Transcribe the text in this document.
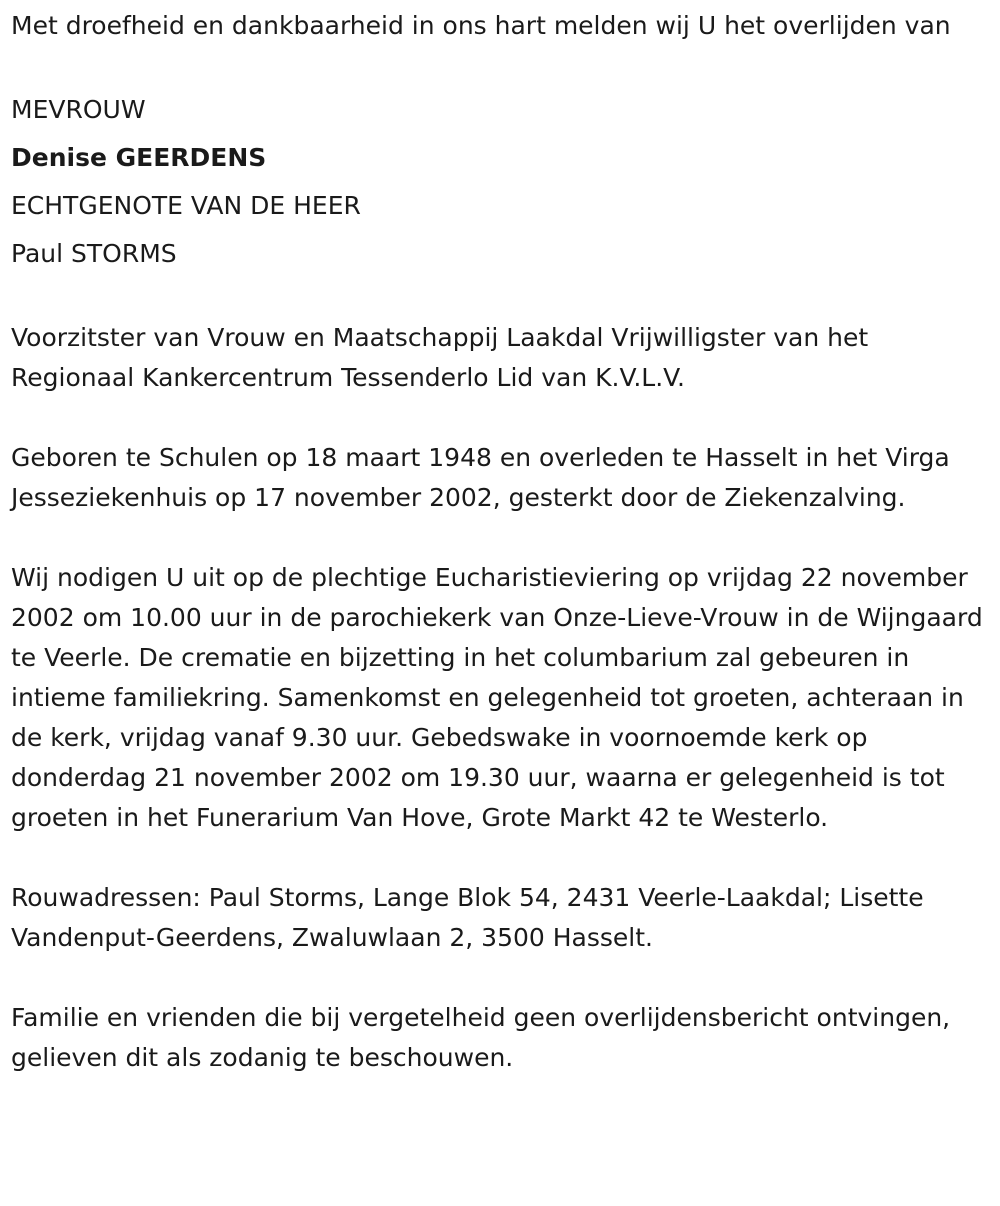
Met droefheid en dankbaarheid in ons hart melden wij U het overlijden van

MEVROUW

Denise GEERDENS

ECHTGENOTE VAN DE HEER

Paul STORMS

Voorzitster van Vrouw en Maatschappij Laakdal Vrijwilligster van het Regionaal Kankercentrum Tessenderlo Lid van K.V.L.V.

Geboren te Schulen op 18 maart 1948 en overleden te Hasselt in het Virga Jesseziekenhuis op 17 november 2002, gesterkt door de Ziekenzalving.

Wij nodigen U uit op de plechtige Eucharistieviering op vrijdag 22 november 2002 om 10.00 uur in de parochiekerk van Onze-Lieve-Vrouw in de Wijngaard te Veerle. De crematie en bijzetting in het columbarium zal gebeuren in intieme familiekring. Samenkomst en gelegenheid tot groeten, achteraan in de kerk, vrijdag vanaf 9.30 uur. Gebedswake in voornoemde kerk op donderdag 21 november 2002 om 19.30 uur, waarna er gelegenheid is tot groeten in het Funerarium Van Hove, Grote Markt 42 te Westerlo.

Rouwadressen: Paul Storms, Lange Blok 54, 2431 Veerle-Laakdal; Lisette Vandenput-Geerdens, Zwaluwlaan 2, 3500 Hasselt.

Familie en vrienden die bij vergetelheid geen overlijdensbericht ontvingen, gelieven dit als zodanig te beschouwen.
